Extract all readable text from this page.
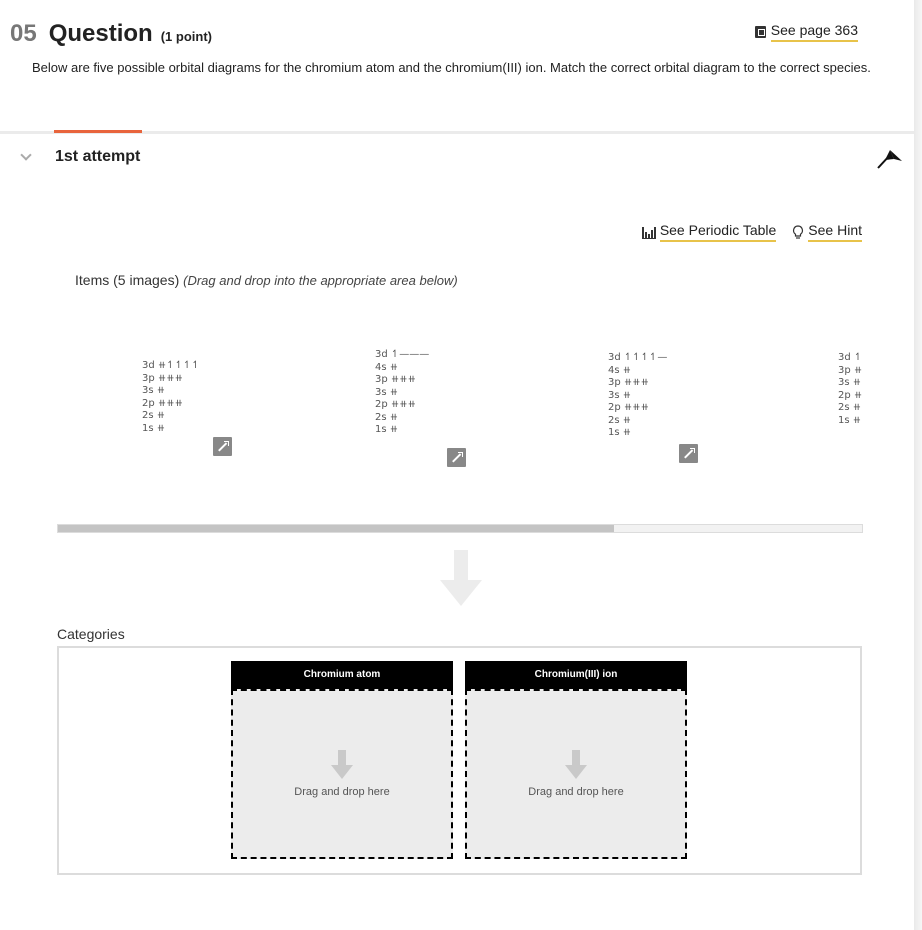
05 Question (1 point)	See page 363
Below are five possible orbital diagrams for the chromium atom and the chromium(III) ion. Match the correct orbital diagram to the correct species.
1st attempt
See Periodic Table See Hint
Items (5 images) (Drag and drop into the appropriate area below)
3d ⧺↿↿↿↿
3p ⧺⧺⧺
3s ⧺
2p ⧺⧺⧺
2s ⧺
1s ⧺
3d ↿———
4s ⧺
3p ⧺⧺⧺
3s ⧺
2p ⧺⧺⧺
2s ⧺
1s ⧺
3d ↿↿↿↿—
4s ⧺
3p ⧺⧺⧺
3s ⧺
2p ⧺⧺⧺
2s ⧺
1s ⧺
3d ↿
3p ⧺
3s ⧺
2p ⧺
2s ⧺
1s ⧺
Categories
Chromium atom
Drag and drop here
Chromium(III) ion
Drag and drop here
